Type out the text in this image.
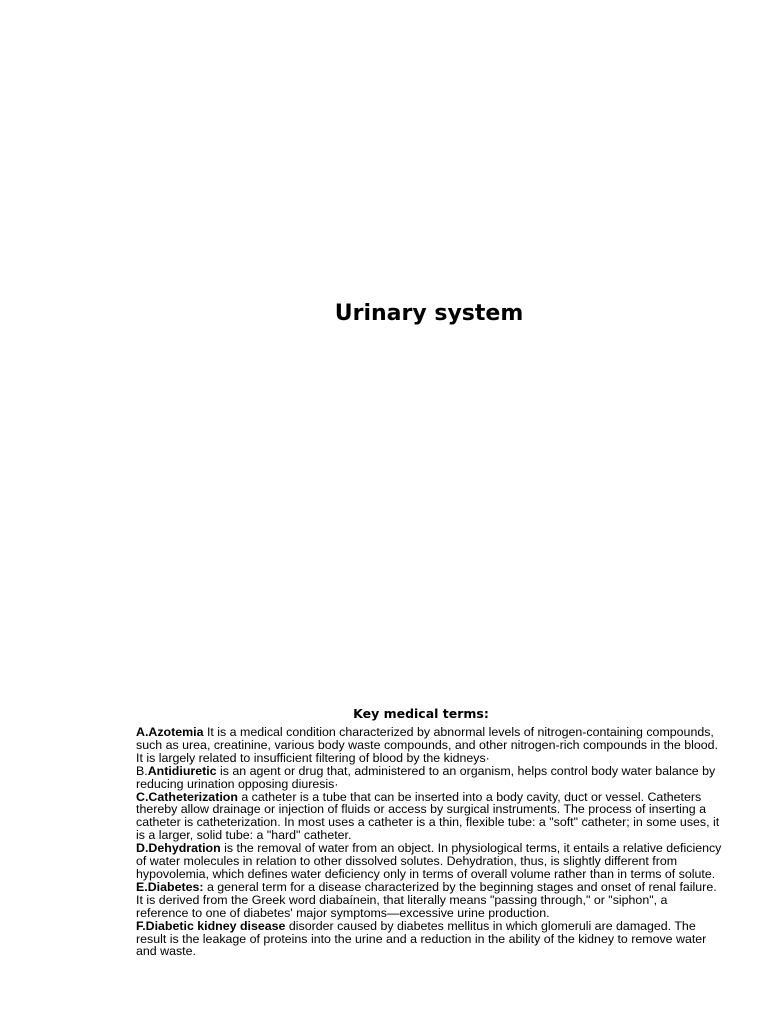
Urinary system
Key medical terms:

A.Azotemia It is a medical condition characterized by abnormal levels of nitrogen-containing compounds, such as urea, creatinine, various body waste compounds, and other nitrogen-rich compounds in the blood. It is largely related to insufficient filtering of blood by the kidneys·

B.Antidiuretic is an agent or drug that, administered to an organism, helps control body water balance by reducing urination opposing diuresis·

C.Catheterization a catheter is a tube that can be inserted into a body cavity, duct or vessel. Catheters thereby allow drainage or injection of fluids or access by surgical instruments. The process of inserting a catheter is catheterization. In most uses a catheter is a thin, flexible tube: a "soft" catheter; in some uses, it is a larger, solid tube: a "hard" catheter.

D.Dehydration is the removal of water from an object. In physiological terms, it entails a relative deficiency of water molecules in relation to other dissolved solutes. Dehydration, thus, is slightly different from hypovolemia, which defines water deficiency only in terms of overall volume rather than in terms of solute.

E.Diabetes: a general term for a disease characterized by the beginning stages and onset of renal failure. It is derived from the Greek word diabaínein, that literally means "passing through," or "siphon", a reference to one of diabetes' major symptoms—excessive urine production.

F.Diabetic kidney disease disorder caused by diabetes mellitus in which glomeruli are damaged. The result is the leakage of proteins into the urine and a reduction in the ability of the kidney to remove water and waste.
